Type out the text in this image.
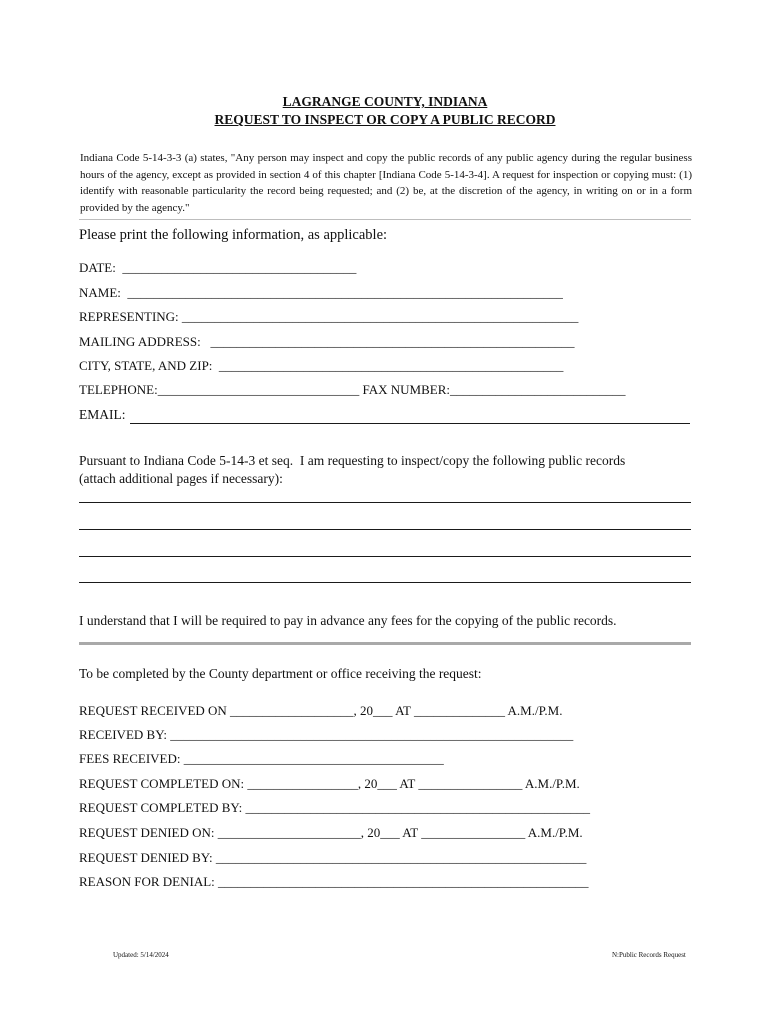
LAGRANGE COUNTY, INDIANA
REQUEST TO INSPECT OR COPY A PUBLIC RECORD
Indiana Code 5-14-3-3 (a) states, "Any person may inspect and copy the public records of any public agency during the regular business hours of the agency, except as provided in section 4 of this chapter [Indiana Code 5-14-3-4]. A request for inspection or copying must: (1) identify with reasonable particularity the record being requested; and (2) be, at the discretion of the agency, in writing on or in a form provided by the agency."
Please print the following information, as applicable:
DATE:  ____________________________________
NAME:  ___________________________________________________________________
REPRESENTING: _____________________________________________________________
MAILING ADDRESS:   ________________________________________________________
CITY, STATE, AND ZIP:  _____________________________________________________
TELEPHONE:_______________________________ FAX NUMBER:___________________________
EMAIL:
Pursuant to Indiana Code 5-14-3 et seq.  I am requesting to inspect/copy the following public records
(attach additional pages if necessary):
I understand that I will be required to pay in advance any fees for the copying of the public records.
To be completed by the County department or office receiving the request:
REQUEST RECEIVED ON ___________________, 20___ AT ______________ A.M./P.M.
RECEIVED BY: ______________________________________________________________
FEES RECEIVED: ________________________________________
REQUEST COMPLETED ON: _________________, 20___ AT ________________ A.M./P.M.
REQUEST COMPLETED BY: _____________________________________________________
REQUEST DENIED ON: ______________________, 20___ AT ________________ A.M./P.M.
REQUEST DENIED BY: _________________________________________________________
REASON FOR DENIAL: _________________________________________________________
Updated: 5/14/2024	N:Public Records Request
